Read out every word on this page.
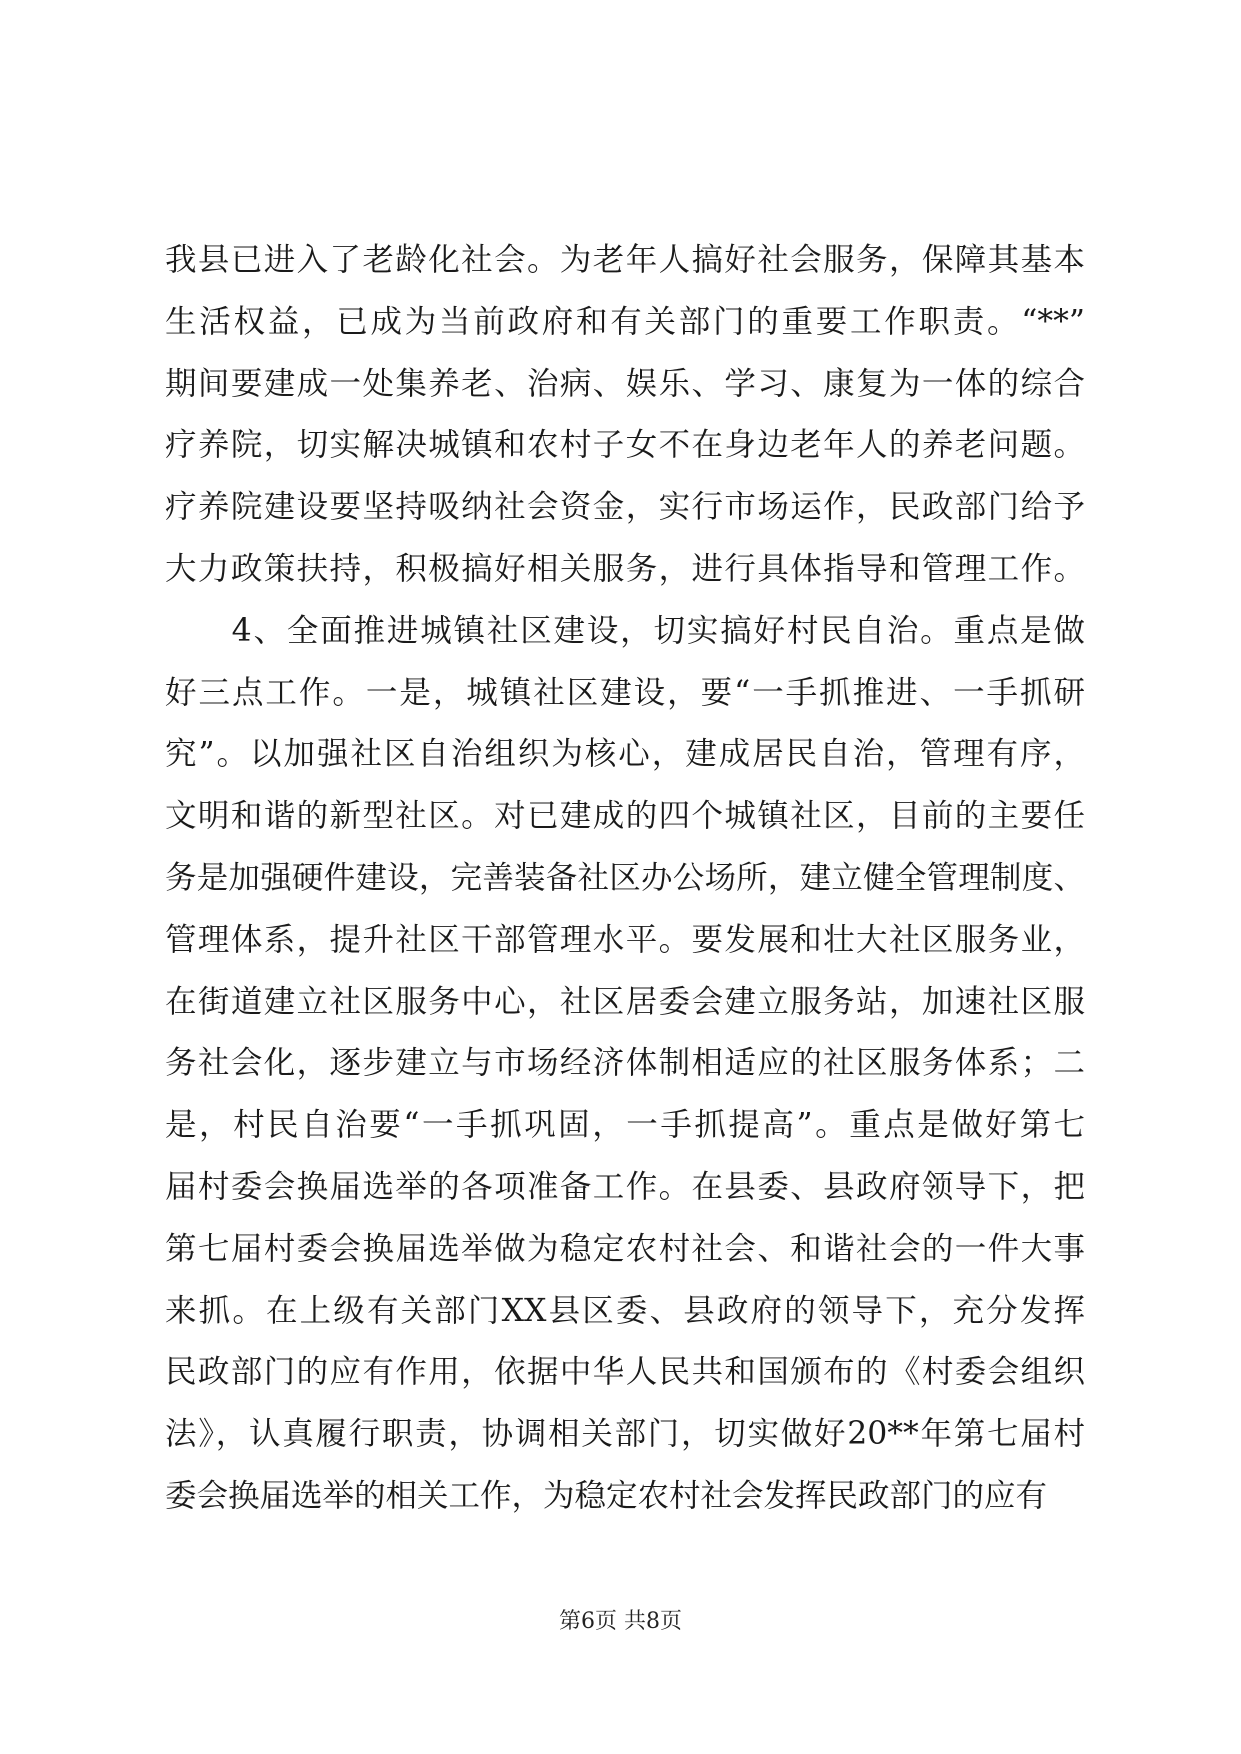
我县已进入了老龄化社会。为老年人搞好社会服务，保障其基本
生活权益，已成为当前政府和有关部门的重要工作职责。“**”
期间要建成一处集养老、治病、娱乐、学习、康复为一体的综合
疗养院，切实解决城镇和农村子女不在身边老年人的养老问题。
疗养院建设要坚持吸纳社会资金，实行市场运作，民政部门给予
大力政策扶持，积极搞好相关服务，进行具体指导和管理工作。
　　4、全面推进城镇社区建设，切实搞好村民自治。重点是做
好三点工作。一是，城镇社区建设，要“一手抓推进、一手抓研
究”。以加强社区自治组织为核心，建成居民自治，管理有序，
文明和谐的新型社区。对已建成的四个城镇社区，目前的主要任
务是加强硬件建设，完善装备社区办公场所，建立健全管理制度、
管理体系，提升社区干部管理水平。要发展和壮大社区服务业，
在街道建立社区服务中心，社区居委会建立服务站，加速社区服
务社会化，逐步建立与市场经济体制相适应的社区服务体系；二
是，村民自治要“一手抓巩固，一手抓提高”。重点是做好第七
届村委会换届选举的各项准备工作。在县委、县政府领导下，把
第七届村委会换届选举做为稳定农村社会、和谐社会的一件大事
来抓。在上级有关部门XX县区委、县政府的领导下，充分发挥
民政部门的应有作用，依据中华人民共和国颁布的《村委会组织
法》，认真履行职责，协调相关部门，切实做好20**年第七届村
委会换届选举的相关工作，为稳定农村社会发挥民政部门的应有
第6页 共8页
